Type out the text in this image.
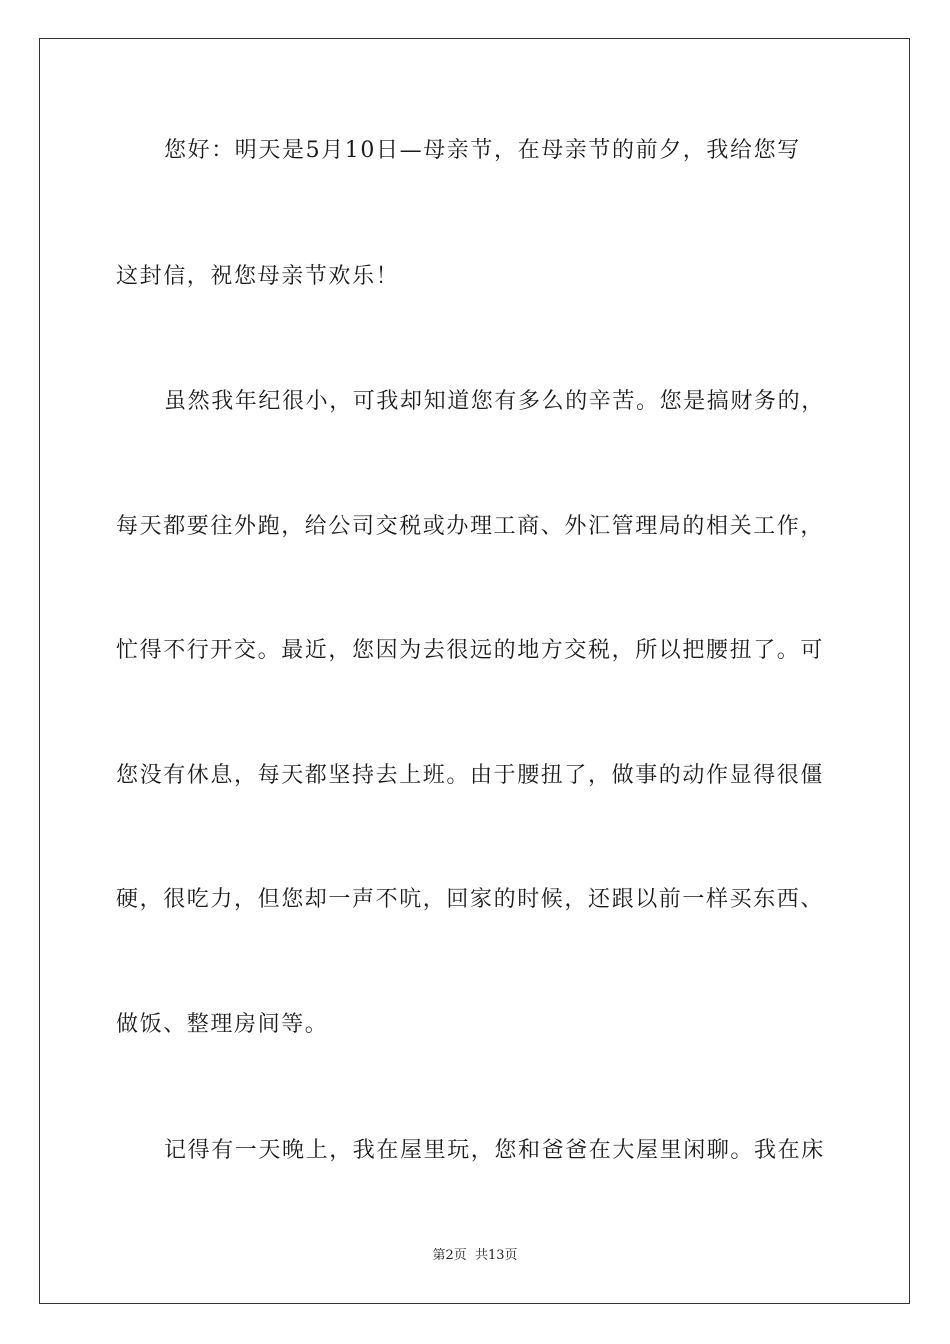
您好：明天是5月10日—母亲节，在母亲节的前夕，我给您写
这封信，祝您母亲节欢乐！
虽然我年纪很小，可我却知道您有多么的辛苦。您是搞财务的，
每天都要往外跑，给公司交税或办理工商、外汇管理局的相关工作，
忙得不行开交。最近，您因为去很远的地方交税，所以把腰扭了。可
您没有休息，每天都坚持去上班。由于腰扭了，做事的动作显得很僵
硬，很吃力，但您却一声不吭，回家的时候，还跟以前一样买东西、
做饭、整理房间等。
记得有一天晚上，我在屋里玩，您和爸爸在大屋里闲聊。我在床
第2页  共13页
